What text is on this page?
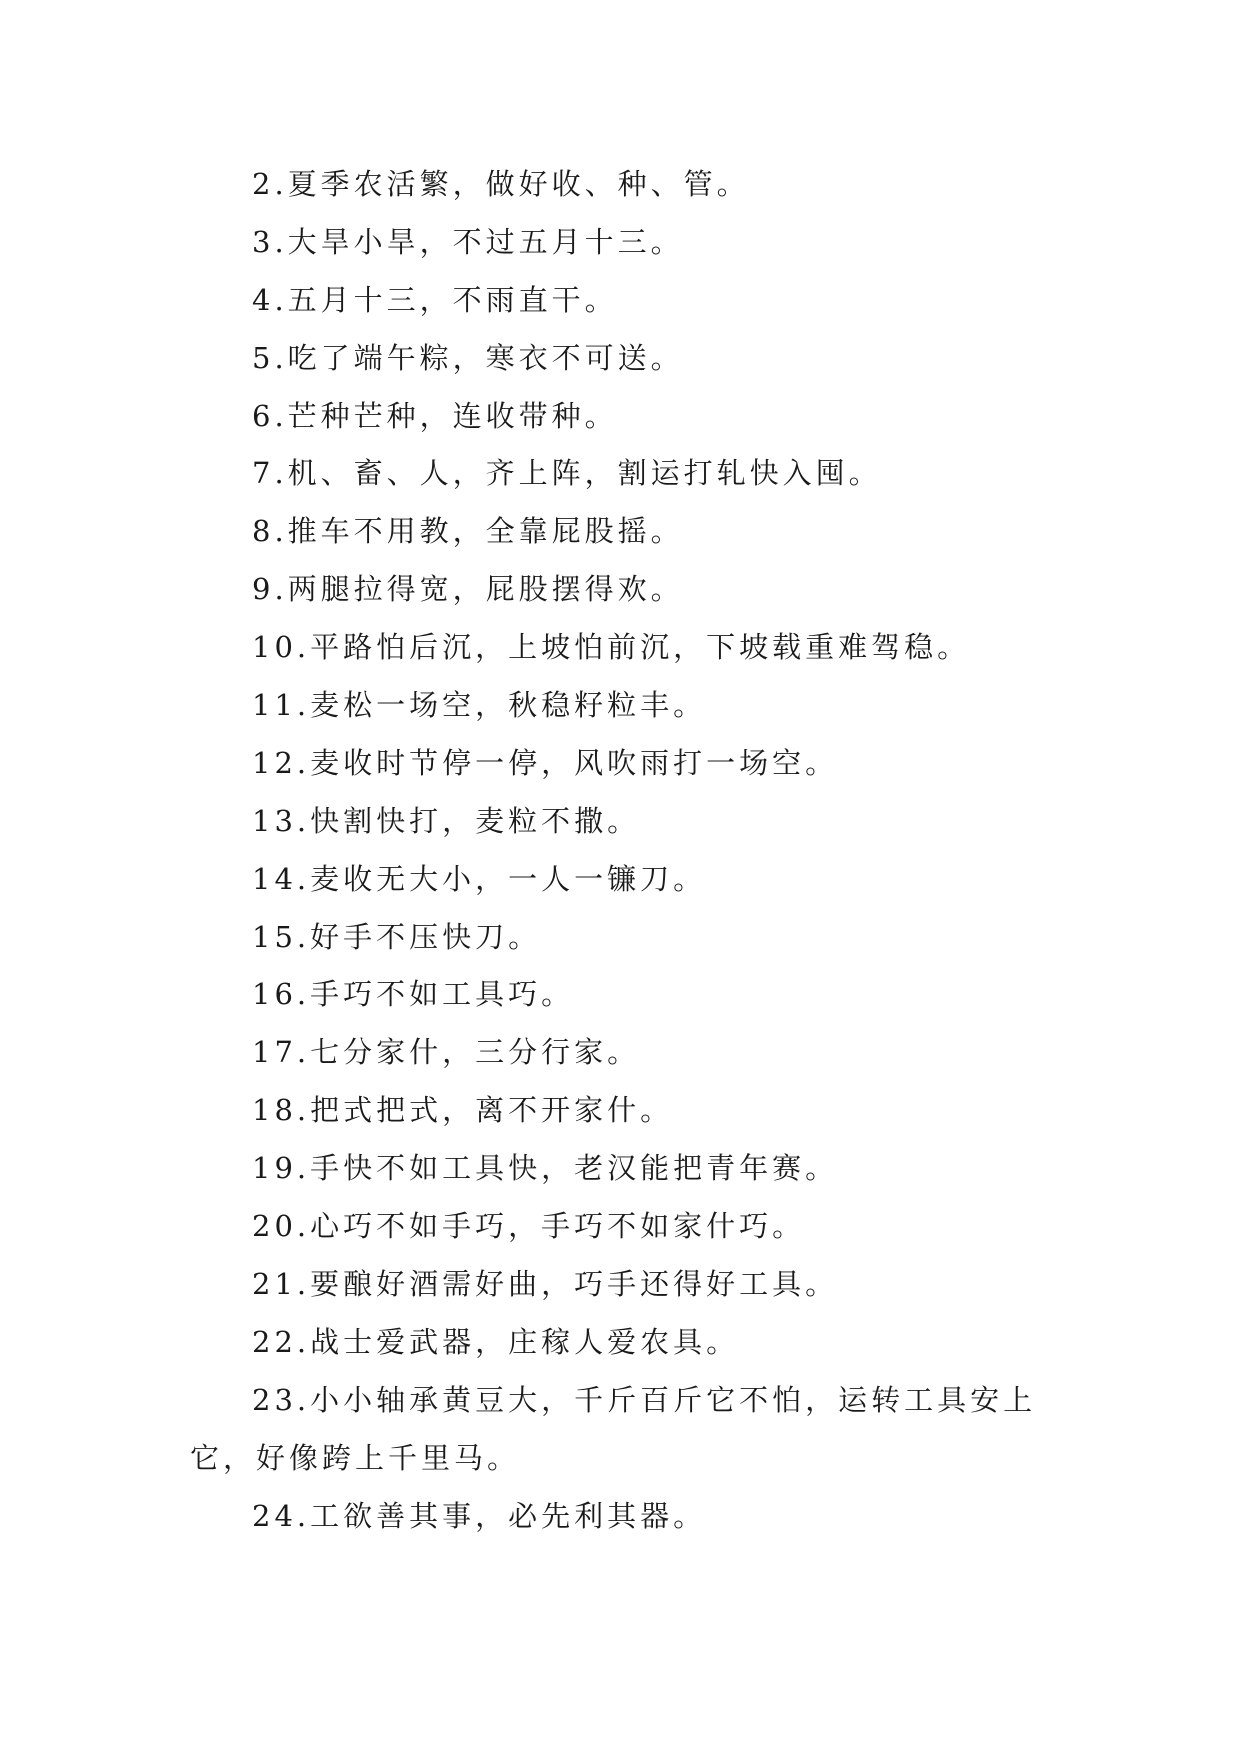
2.夏季农活繁，做好收、种、管。
3.大旱小旱，不过五月十三。
4.五月十三，不雨直干。
5.吃了端午粽，寒衣不可送。
6.芒种芒种，连收带种。
7.机、畜、人，齐上阵，割运打轧快入囤。
8.推车不用教，全靠屁股摇。
9.两腿拉得宽，屁股摆得欢。
10.平路怕后沉，上坡怕前沉，下坡载重难驾稳。
11.麦松一场空，秋稳籽粒丰。
12.麦收时节停一停，风吹雨打一场空。
13.快割快打，麦粒不撒。
14.麦收无大小，一人一镰刀。
15.好手不压快刀。
16.手巧不如工具巧。
17.七分家什，三分行家。
18.把式把式，离不开家什。
19.手快不如工具快，老汉能把青年赛。
20.心巧不如手巧，手巧不如家什巧。
21.要酿好酒需好曲，巧手还得好工具。
22.战士爱武器，庄稼人爱农具。
23.小小轴承黄豆大，千斤百斤它不怕，运转工具安上它，好像跨上千里马。
24.工欲善其事，必先利其器。
